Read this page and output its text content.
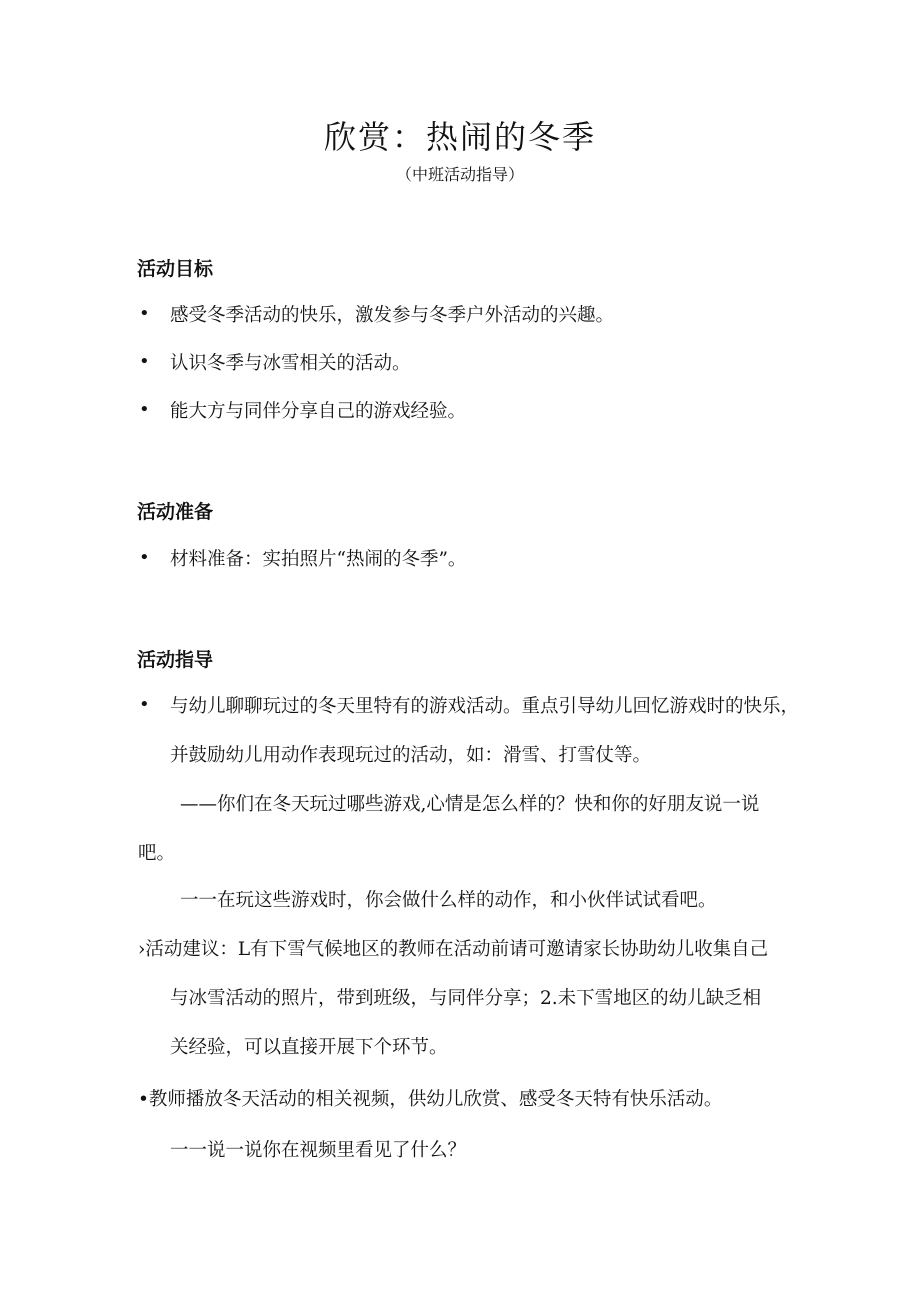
欣赏：热闹的冬季
（中班活动指导）
活动目标
• 感受冬季活动的快乐，激发参与冬季户外活动的兴趣。
• 认识冬季与冰雪相关的活动。
• 能大方与同伴分享自己的游戏经验。
活动准备
• 材料准备：实拍照片“热闹的冬季”。
活动指导
• 与幼儿聊聊玩过的冬天里特有的游戏活动。重点引导幼儿回忆游戏时的快乐，
并鼓励幼儿用动作表现玩过的活动，如：滑雪、打雪仗等。
——你们在冬天玩过哪些游戏,心情是怎么样的？快和你的好朋友说一说
吧。
一一在玩这些游戏时，你会做什么样的动作，和小伙伴试试看吧。
›活动建议：L有下雪气候地区的教师在活动前请可邀请家长协助幼儿收集自己
与冰雪活动的照片，带到班级，与同伴分享；2.未下雪地区的幼儿缺乏相
关经验，可以直接开展下个环节。
•教师播放冬天活动的相关视频，供幼儿欣赏、感受冬天特有快乐活动。
一一说一说你在视频里看见了什么？
